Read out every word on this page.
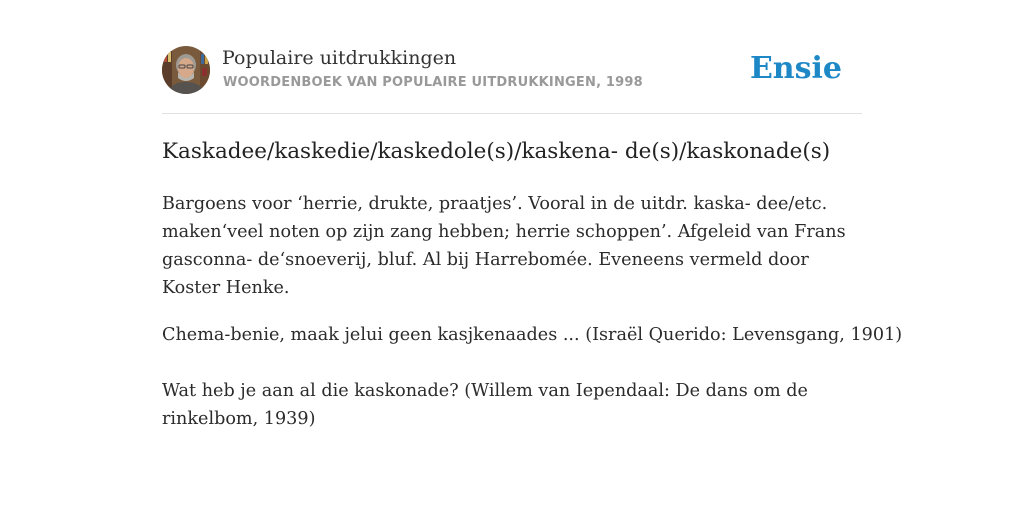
Populaire uitdrukkingen
WOORDENBOEK VAN POPULAIRE UITDRUKKINGEN, 1998	Ensie
Kaskadee/kaskedie/kaskedole(s)/kaskena- de(s)/kaskonade(s)

Bargoens voor ‘herrie, drukte, praatjes’. Vooral in de uitdr. kaska- dee/etc. maken‘veel noten op zijn zang hebben; herrie schoppen’. Afgeleid van Frans gasconna- de‘snoeverij, bluf. Al bij Harrebomée. Eveneens vermeld door Koster Henke.

Chema-benie, maak jelui geen kasjkenaades ... (Israël Querido: Levensgang, 1901)

Wat heb je aan al die kaskonade? (Willem van Iependaal: De dans om de rinkelbom, 1939)
